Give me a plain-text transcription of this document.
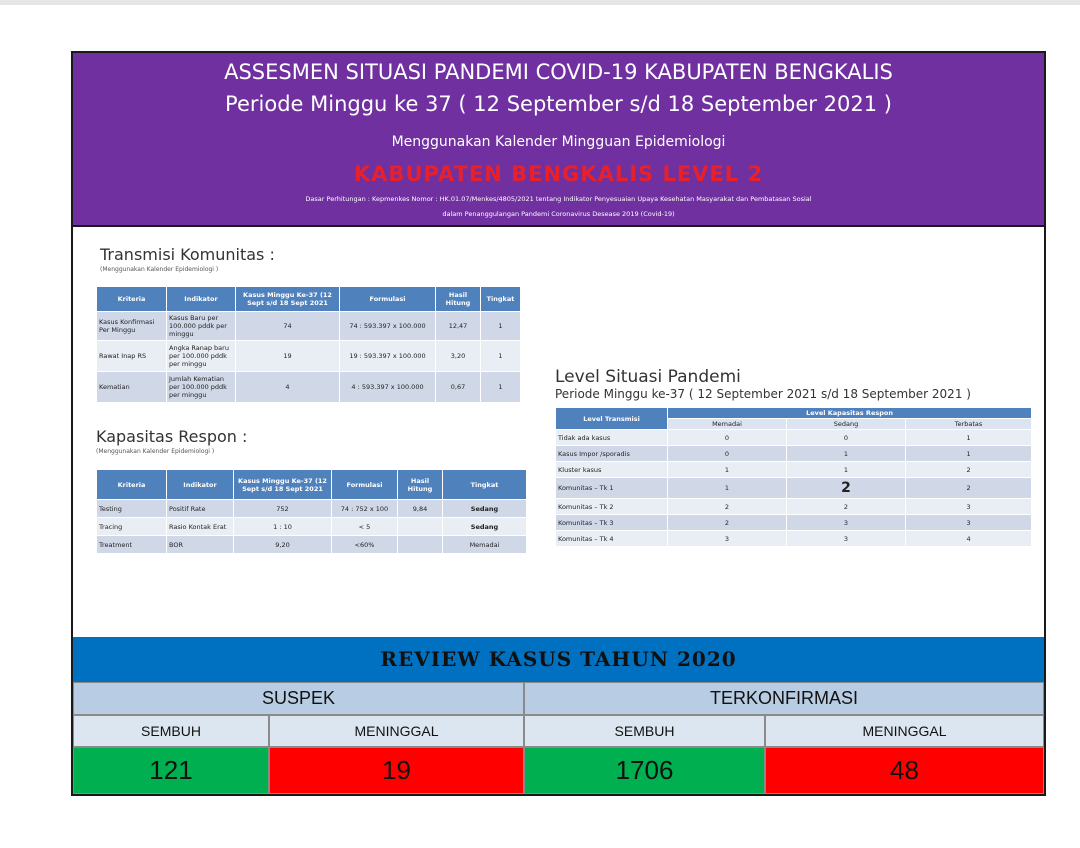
ASSESMEN SITUASI PANDEMI COVID-19 KABUPATEN BENGKALIS
Periode Minggu ke 37 ( 12 September s/d 18 September 2021 )
Menggunakan Kalender Mingguan Epidemiologi
KABUPATEN BENGKALIS LEVEL 2
Dasar Perhitungan : Kepmenkes Nomor : HK.01.07/Menkes/4805/2021 tentang Indikator Penyesuaian Upaya Kesehatan Masyarakat dan Pembatasan Sosial
dalam Penanggulangan Pandemi Coronavirus Desease 2019 (Covid-19)
Transmisi Komunitas :
(Menggunakan Kalender Epidemiologi )
Kriteria	Indikator	Kasus Minggu Ke-37 (12 Sept s/d 18 Sept 2021	Formulasi	Hasil Hitung	Tingkat
Kasus Konfirmasi Per Minggu	Kasus Baru per 100.000 pddk per minggu	74	74 : 593.397 x 100.000	12,47	1
Rawat Inap RS	Angka Ranap baru per 100.000 pddk per minggu	19	19 : 593.397 x 100.000	3,20	1
Kematian	Jumlah Kematian per 100.000 pddk per minggu	4	4 : 593.397 x 100.000	0,67	1
Kapasitas Respon :
(Menggunakan Kalender Epidemiologi )
Kriteria	Indikator	Kasus Minggu Ke-37 (12 Sept s/d 18 Sept 2021	Formulasi	Hasil Hitung	Tingkat
Testing	Positif Rate	752	74 : 752 x 100	9,84	Sedang
Tracing	Rasio Kontak Erat	1 : 10	< 5		Sedang
Treatment	BOR	9,20	<60%		Memadai
Level Situasi Pandemi
Periode Minggu ke-37 ( 12 September 2021 s/d 18 September 2021 )
Level Transmisi	Level Kapasitas Respon		
	Memadai	Sedang	Terbatas
Tidak ada kasus	0	0	1
Kasus Impor /sporadis	0	1	1
Kluster kasus	1	1	2
Komunitas – Tk 1	1	2	2
Komunitas – Tk 2	2	2	3
Komunitas – Tk 3	2	3	3
Komunitas – Tk 4	3	3	4
REVIEW KASUS TAHUN 2020
SUSPEK	TERKONFIRMASI
SEMBUH	MENINGGAL	SEMBUH	MENINGGAL
121	19	1706	48
